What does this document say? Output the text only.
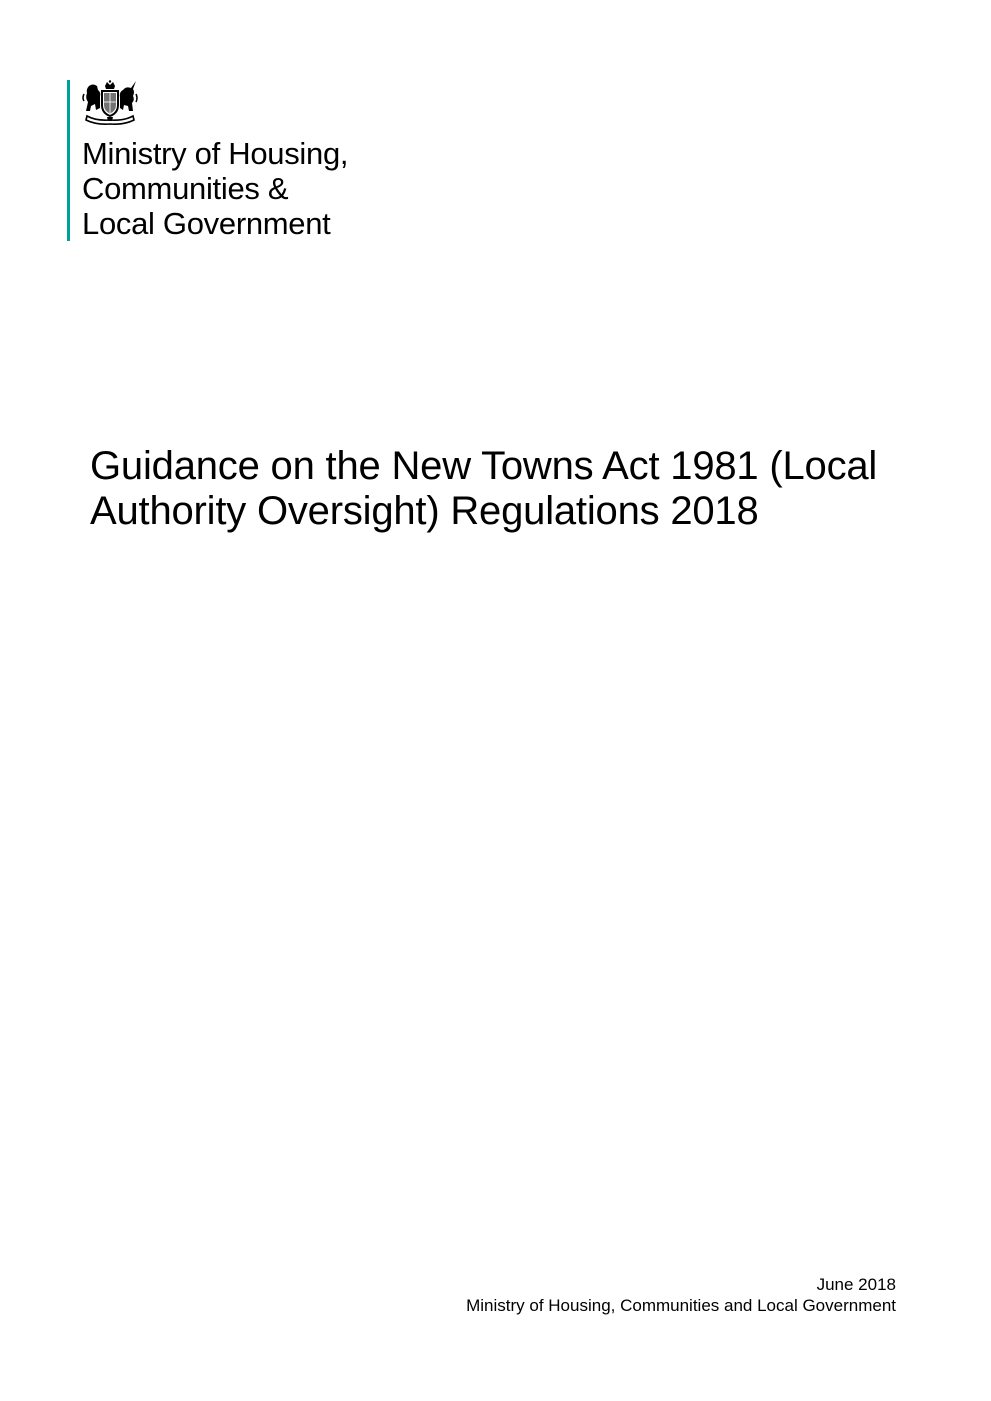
Ministry of Housing,
Communities &
Local Government
Guidance on the New Towns Act 1981 (Local
Authority Oversight) Regulations 2018
June 2018
Ministry of Housing, Communities and Local Government
